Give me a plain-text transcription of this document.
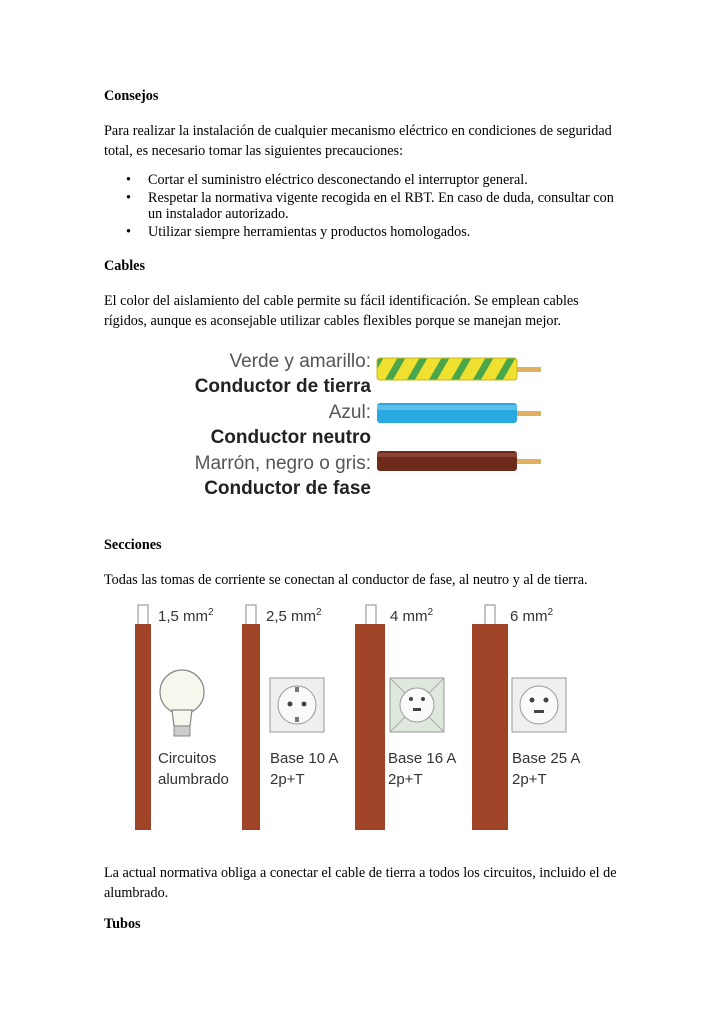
Consejos

Para realizar la instalación de cualquier mecanismo eléctrico en condiciones de seguridad total, es necesario tomar las siguientes precauciones:

• Cortar el suministro eléctrico desconectando el interruptor general.
• Respetar la normativa vigente recogida en el RBT. En caso de duda, consultar con un instalador autorizado.
• Utilizar siempre herramientas y productos homologados.

Cables

El color del aislamiento del cable permite su fácil identificación. Se emplean cables rígidos, aunque es aconsejable utilizar cables flexibles porque se manejan mejor.

Verde y amarillo:
Conductor de tierra
Azul:
Conductor neutro
Marrón, negro o gris:
Conductor de fase

Secciones

Todas las tomas de corriente se conectan al conductor de fase, al neutro y al de tierra.

1,5 $mm^2$
Circuitos
alumbrado
2,5 $mm^2$
Base 10 A
2p+T
4 $mm^2$
Base 16 A
2p+T
6 $mm^2$
Base 25 A
2p+T

La actual normativa obliga a conectar el cable de tierra a todos los circuitos, incluido el de alumbrado.

Tubos
